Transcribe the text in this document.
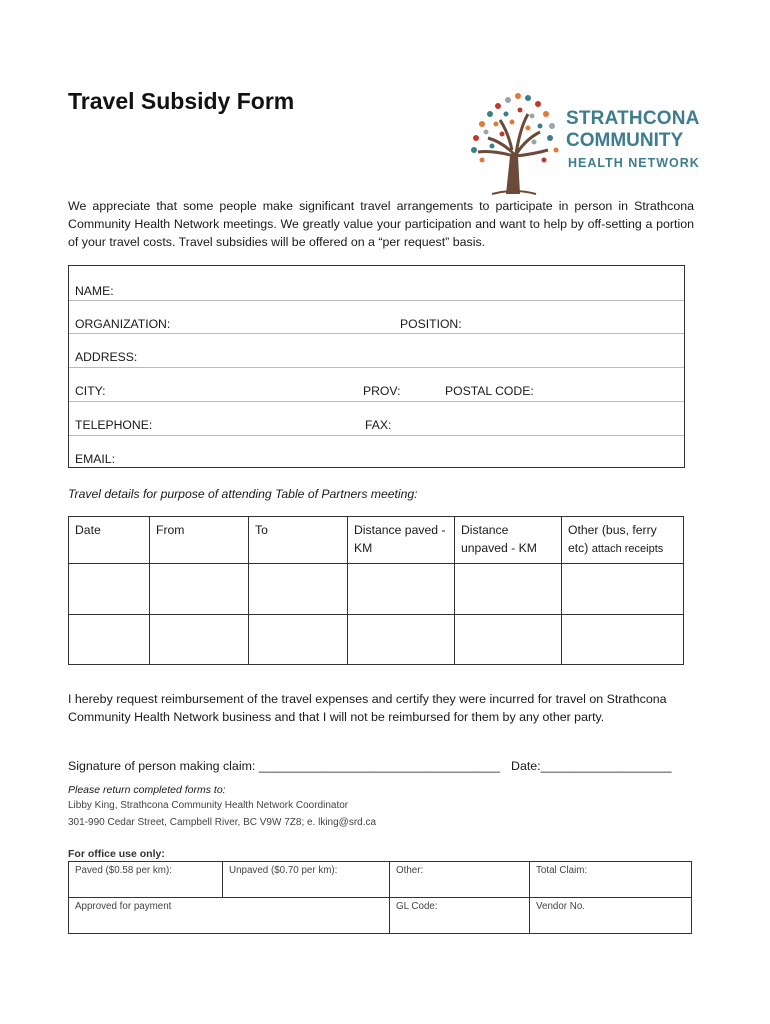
Travel Subsidy Form
STRATHCONA
COMMUNITY
HEALTH NETWORK
We appreciate that some people make significant travel arrangements to participate in person in Strathcona Community Health Network meetings. We greatly value your participation and want to help by off-setting a portion of your travel costs. Travel subsidies will be offered on a “per request” basis.
NAME:
ORGANIZATION:	POSITION:
ADDRESS:
CITY:	PROV:	POSTAL CODE:
TELEPHONE:	FAX:
EMAIL:
Travel details for purpose of attending Table of Partners meeting:
Date	From	To	Distance paved - KM	Distance unpaved - KM	Other (bus, ferry etc) attach receipts

I hereby request reimbursement of the travel expenses and certify they were incurred for travel on Strathcona Community Health Network business and that I will not be reimbursed for them by any other party.
Signature of person making claim: ___________________________________ Date:___________________
Please return completed forms to:
Libby King, Strathcona Community Health Network Coordinator
301-990 Cedar Street, Campbell River, BC V9W 7Z8; e. lking@srd.ca
For office use only:
Paved ($0.58 per km):	Unpaved ($0.70 per km):	Other:	Total Claim:
Approved for payment		GL Code:	Vendor No.
